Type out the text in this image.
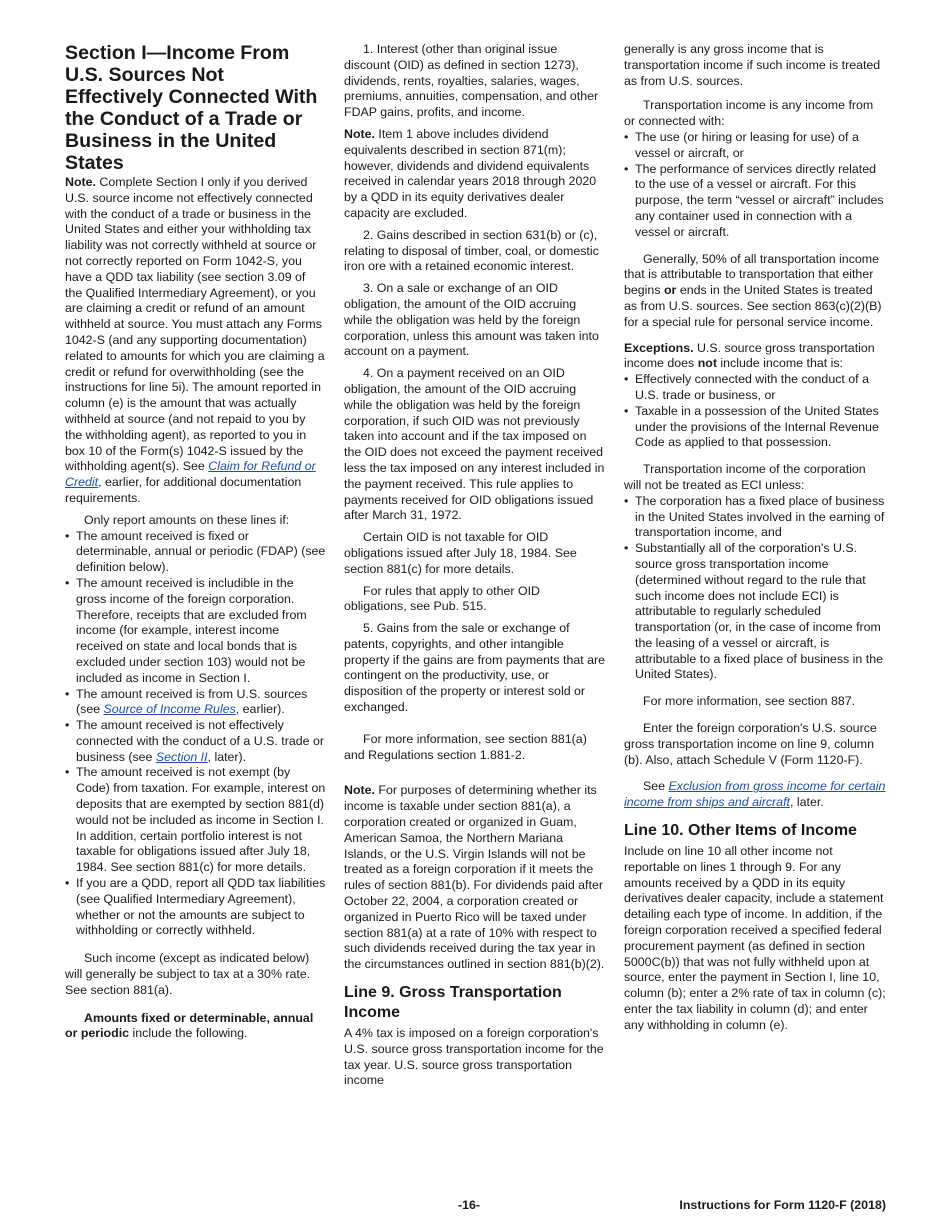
Section I—Income From U.S. Sources Not Effectively Connected With the Conduct of a Trade or Business in the United States

Note. Complete Section I only if you derived U.S. source income not effectively connected with the conduct of a trade or business in the United States and either your withholding tax liability was not correctly withheld at source or not correctly reported on Form 1042-S, you have a QDD tax liability (see section 3.09 of the Qualified Intermediary Agreement), or you are claiming a credit or refund of an amount withheld at source. You must attach any Forms 1042-S (and any supporting documentation) related to amounts for which you are claiming a credit or refund for overwithholding (see the instructions for line 5i). The amount reported in column (e) is the amount that was actually withheld at source (and not repaid to you by the withholding agent), as reported to you in box 10 of the Form(s) 1042-S issued by the withholding agent(s). See Claim for Refund or Credit, earlier, for additional documentation requirements.

Only report amounts on these lines if:

• The amount received is fixed or determinable, annual or periodic (FDAP) (see definition below).
• The amount received is includible in the gross income of the foreign corporation. Therefore, receipts that are excluded from income (for example, interest income received on state and local bonds that is excluded under section 103) would not be included as income in Section I.
• The amount received is from U.S. sources (see Source of Income Rules, earlier).
• The amount received is not effectively connected with the conduct of a U.S. trade or business (see Section II, later).
• The amount received is not exempt (by Code) from taxation. For example, interest on deposits that are exempted by section 881(d) would not be included as income in Section I. In addition, certain portfolio interest is not taxable for obligations issued after July 18, 1984. See section 881(c) for more details.
• If you are a QDD, report all QDD tax liabilities (see Qualified Intermediary Agreement), whether or not the amounts are subject to withholding or correctly withheld.

Such income (except as indicated below) will generally be subject to tax at a 30% rate. See section 881(a).

Amounts fixed or determinable, annual or periodic include the following.

1. Interest (other than original issue discount (OID) as defined in section 1273), dividends, rents, royalties, salaries, wages, premiums, annuities, compensation, and other FDAP gains, profits, and income.

Note. Item 1 above includes dividend equivalents described in section 871(m); however, dividends and dividend equivalents received in calendar years 2018 through 2020 by a QDD in its equity derivatives dealer capacity are excluded.

2. Gains described in section 631(b) or (c), relating to disposal of timber, coal, or domestic iron ore with a retained economic interest.

3. On a sale or exchange of an OID obligation, the amount of the OID accruing while the obligation was held by the foreign corporation, unless this amount was taken into account on a payment.

4. On a payment received on an OID obligation, the amount of the OID accruing while the obligation was held by the foreign corporation, if such OID was not previously taken into account and if the tax imposed on the OID does not exceed the payment received less the tax imposed on any interest included in the payment received. This rule applies to payments received for OID obligations issued after March 31, 1972.

Certain OID is not taxable for OID obligations issued after July 18, 1984. See section 881(c) for more details.

For rules that apply to other OID obligations, see Pub. 515.

5. Gains from the sale or exchange of patents, copyrights, and other intangible property if the gains are from payments that are contingent on the productivity, use, or disposition of the property or interest sold or exchanged.

For more information, see section 881(a) and Regulations section 1.881-2.

Note. For purposes of determining whether its income is taxable under section 881(a), a corporation created or organized in Guam, American Samoa, the Northern Mariana Islands, or the U.S. Virgin Islands will not be treated as a foreign corporation if it meets the rules of section 881(b). For dividends paid after October 22, 2004, a corporation created or organized in Puerto Rico will be taxed under section 881(a) at a rate of 10% with respect to such dividends received during the tax year in the circumstances outlined in section 881(b)(2).

Line 9. Gross Transportation Income

A 4% tax is imposed on a foreign corporation's U.S. source gross transportation income for the tax year. U.S. source gross transportation income

generally is any gross income that is transportation income if such income is treated as from U.S. sources.

Transportation income is any income from or connected with:

• The use (or hiring or leasing for use) of a vessel or aircraft, or
• The performance of services directly related to the use of a vessel or aircraft. For this purpose, the term “vessel or aircraft” includes any container used in connection with a vessel or aircraft.

Generally, 50% of all transportation income that is attributable to transportation that either begins or ends in the United States is treated as from U.S. sources. See section 863(c)(2)(B) for a special rule for personal service income.

Exceptions. U.S. source gross transportation income does not include income that is:

• Effectively connected with the conduct of a U.S. trade or business, or
• Taxable in a possession of the United States under the provisions of the Internal Revenue Code as applied to that possession.

Transportation income of the corporation will not be treated as ECI unless:

• The corporation has a fixed place of business in the United States involved in the earning of transportation income, and
• Substantially all of the corporation's U.S. source gross transportation income (determined without regard to the rule that such income does not include ECI) is attributable to regularly scheduled transportation (or, in the case of income from the leasing of a vessel or aircraft, is attributable to a fixed place of business in the United States).

For more information, see section 887.

Enter the foreign corporation's U.S. source gross transportation income on line 9, column (b). Also, attach Schedule V (Form 1120-F).

See Exclusion from gross income for certain income from ships and aircraft, later.

Line 10. Other Items of Income

Include on line 10 all other income not reportable on lines 1 through 9. For any amounts received by a QDD in its equity derivatives dealer capacity, include a statement detailing each type of income. In addition, if the foreign corporation received a specified federal procurement payment (as defined in section 5000C(b)) that was not fully withheld upon at source, enter the payment in Section I, line 10, column (b); enter a 2% rate of tax in column (c); enter the tax liability in column (d); and enter any withholding in column (e).

-16-	Instructions for Form 1120-F (2018)
